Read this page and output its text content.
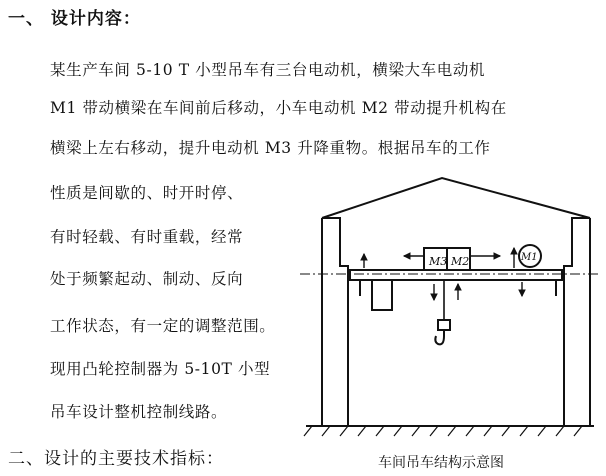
一、 设计内容：
某生产车间 5-10 T 小型吊车有三台电动机，横梁大车电动机
M1 带动横梁在车间前后移动，小车电动机 M2 带动提升机构在
横梁上左右移动，提升电动机 M3 升降重物。根据吊车的工作
性质是间歇的、时开时停、
有时轻载、有时重载，经常
处于频繁起动、制动、反向
工作状态，有一定的调整范围。
现用凸轮控制器为 5-10T 小型
吊车设计整机控制线路。
二、设计的主要技术指标：
M3 M2	M1
车间吊车结构示意图
